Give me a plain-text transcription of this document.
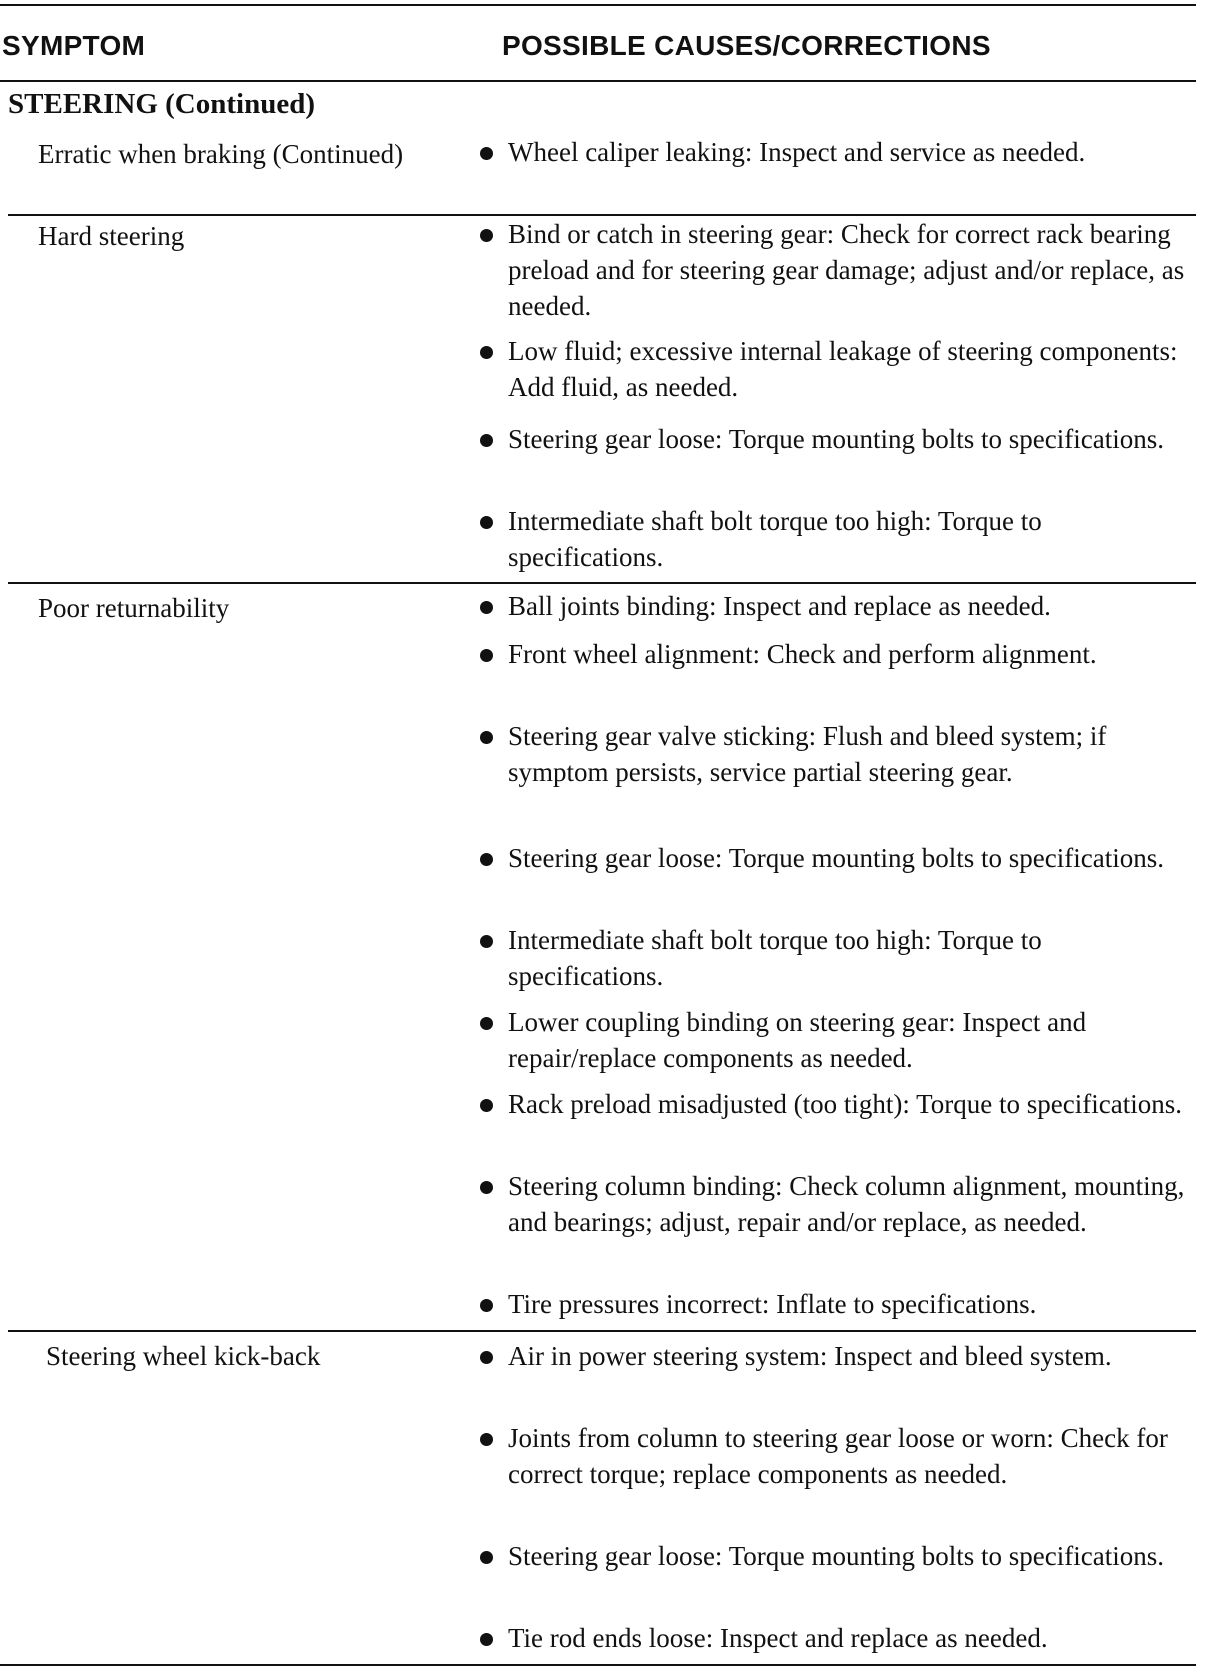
SYMPTOM	POSSIBLE CAUSES/CORRECTIONS
STEERING (Continued)
Erratic when braking (Continued)	Wheel caliper leaking: Inspect and service as needed.
Hard steering	Bind or catch in steering gear: Check for correct rack bearing preload and for steering gear damage; adjust and/or replace, as needed.
Low fluid; excessive internal leakage of steering components: Add fluid, as needed.
Steering gear loose: Torque mounting bolts to specifications.
Intermediate shaft bolt torque too high: Torque to specifications.
Poor returnability	Ball joints binding: Inspect and replace as needed.
Front wheel alignment: Check and perform alignment.
Steering gear valve sticking: Flush and bleed system; if symptom persists, service partial steering gear.
Steering gear loose: Torque mounting bolts to specifications.
Intermediate shaft bolt torque too high: Torque to specifications.
Lower coupling binding on steering gear: Inspect and repair/replace components as needed.
Rack preload misadjusted (too tight): Torque to specifications.
Steering column binding: Check column alignment, mounting, and bearings; adjust, repair and/or replace, as needed.
Tire pressures incorrect: Inflate to specifications.
Steering wheel kick-back	Air in power steering system: Inspect and bleed system.
Joints from column to steering gear loose or worn: Check for correct torque; replace components as needed.
Steering gear loose: Torque mounting bolts to specifications.
Tie rod ends loose: Inspect and replace as needed.
